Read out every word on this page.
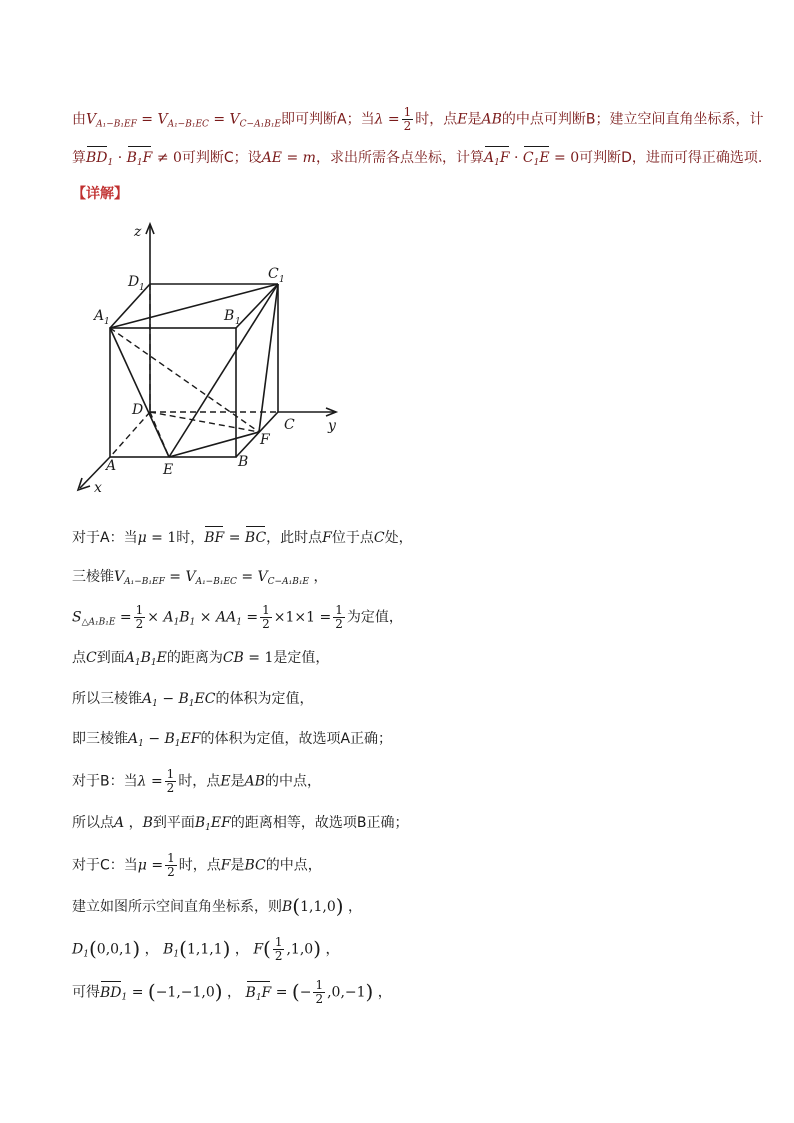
由$V_{A_1-B_1EF} = V_{A_1-B_1EC} = V_{C-A_1B_1E}$即可判断A；当$\lambda = \frac{1}{2}$ 时，点E是AB的中点可判断B；建立空间直角坐标系，计
算$BD_1 \cdot B_1F \ne 0$可判断C；设AE = m，求出所需各点坐标，计算$A_1F \cdot C_1E = 0$可判断D，进而可得正确选项.
【详解】
z
y
x
D
C
A	B
E
F
A 1	B 1
C 1
D 1
对于A：当μ = 1时，BF = BC，此时点F位于点C处，
三棱锥$V_{A_1-B_1EF} = V_{A_1-B_1EC} = V_{C-A_1B_1E}$ ，
$S_{\triangle A_1B_1E} = \frac{1}{2} \times A_1B_1 \times AA_1 = \frac{1}{2} \times 1\times 1 = \frac{1}{2}$ 为定值，
点C到面$A_1B_1E$的距离为CB = 1是定值，
所以三棱锥$A_1 - B_1EC$的体积为定值，
即三棱锥$A_1 - B_1EF$的体积为定值，故选项A正确；
对于B：当$\lambda = \frac{1}{2}$ 时，点E是AB的中点，
所以点A ，B到平面$B_1EF$的距离相等，故选项B正确；
对于C：当$\mu = \frac{1}{2}$ 时，点F是BC的中点，
建立如图所示空间直角坐标系，则B(1,1,0) ，
$D_1(0,0,1)$ ， $B_1(1,1,1)$ ， $F( \frac{1}{2} ,1,0)$ ，
可得$BD_1 = (-1,-1,0)$ ， $B_1F$ = (− $\frac{1}{2} ,0,-1$) ，
